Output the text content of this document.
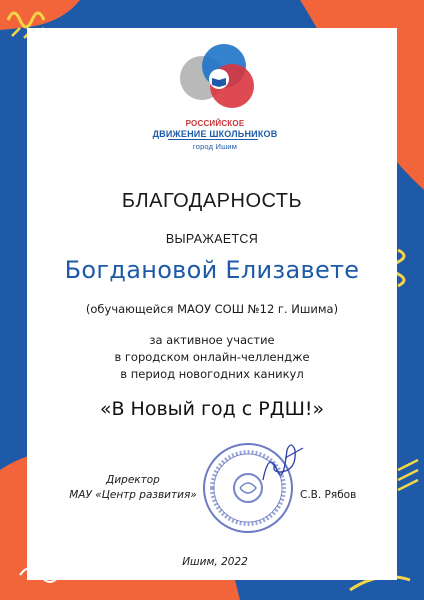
РОССИЙСКОЕ
ДВИЖЕНИЕ ШКОЛЬНИКОВ
город Ишим
БЛАГОДАРНОСТЬ
ВЫРАЖАЕТСЯ
Богдановой Елизавете
(обучающейся МАОУ СОШ №12 г. Ишима)
за активное участие
в городском онлайн-челлендже
в период новогодних каникул
«В Новый год с РДШ!»
Директор
МАУ «Центр развития»	С.В. Рябов
Ишим, 2022
